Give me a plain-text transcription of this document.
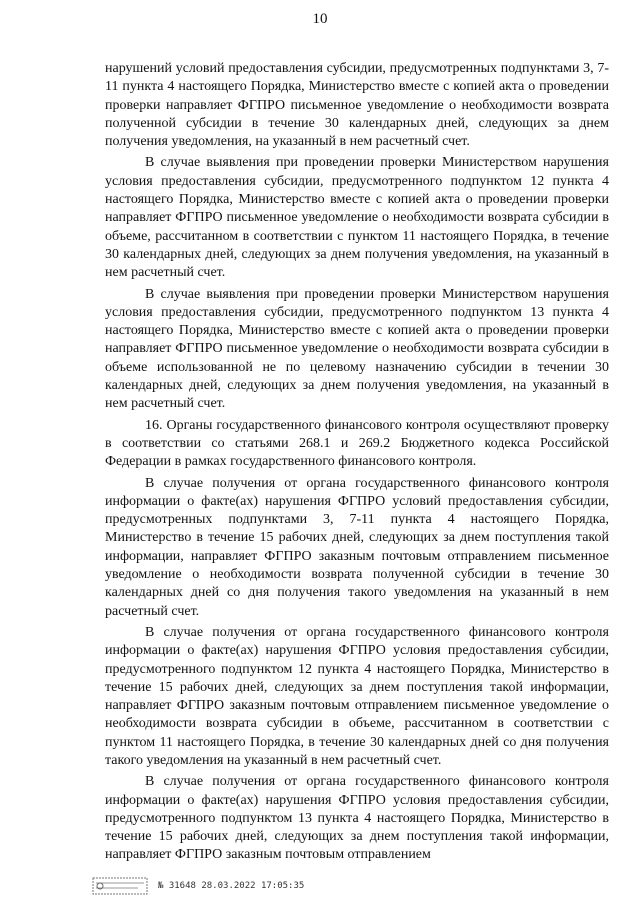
10

нарушений условий предоставления субсидии, предусмотренных подпунктами 3, 7-11 пункта 4 настоящего Порядка, Министерство вместе с копией акта о проведении проверки направляет ФГПРО письменное уведомление о необходимости возврата полученной субсидии в течение 30 календарных дней, следующих за днем получения уведомления, на указанный в нем расчетный счет.

В случае выявления при проведении проверки Министерством нарушения условия предоставления субсидии, предусмотренного подпунктом 12 пункта 4 настоящего Порядка, Министерство вместе с копией акта о проведении проверки направляет ФГПРО письменное уведомление о необходимости возврата субсидии в объеме, рассчитанном в соответствии с пунктом 11 настоящего Порядка, в течение 30 календарных дней, следующих за днем получения уведомления, на указанный в нем расчетный счет.

В случае выявления при проведении проверки Министерством нарушения условия предоставления субсидии, предусмотренного подпунктом 13 пункта 4 настоящего Порядка, Министерство вместе с копией акта о проведении проверки направляет ФГПРО письменное уведомление о необходимости возврата субсидии в объеме использованной не по целевому назначению субсидии в течении 30 календарных дней, следующих за днем получения уведомления, на указанный в нем расчетный счет.

16. Органы государственного финансового контроля осуществляют проверку в соответствии со статьями 268.1 и 269.2 Бюджетного кодекса Российской Федерации в рамках государственного финансового контроля.

В случае получения от органа государственного финансового контроля информации о факте(ах) нарушения ФГПРО условий предоставления субсидии, предусмотренных подпунктами 3, 7-11 пункта 4 настоящего Порядка, Министерство в течение 15 рабочих дней, следующих за днем поступления такой информации, направляет ФГПРО заказным почтовым отправлением письменное уведомление о необходимости возврата полученной субсидии в течение 30 календарных дней со дня получения такого уведомления на указанный в нем расчетный счет.

В случае получения от органа государственного финансового контроля информации о факте(ах) нарушения ФГПРО условия предоставления субсидии, предусмотренного подпунктом 12 пункта 4 настоящего Порядка, Министерство в течение 15 рабочих дней, следующих за днем поступления такой информации, направляет ФГПРО заказным почтовым отправлением письменное уведомление о необходимости возврата субсидии в объеме, рассчитанном в соответствии с пунктом 11 настоящего Порядка, в течение 30 календарных дней со дня получения такого уведомления на указанный в нем расчетный счет.

В случае получения от органа государственного финансового контроля информации о факте(ах) нарушения ФГПРО условия предоставления субсидии, предусмотренного подпунктом 13 пункта 4 настоящего Порядка, Министерство в течение 15 рабочих дней, следующих за днем поступления такой информации, направляет ФГПРО заказным почтовым отправлением

№ 31648 28.03.2022 17:05:35
